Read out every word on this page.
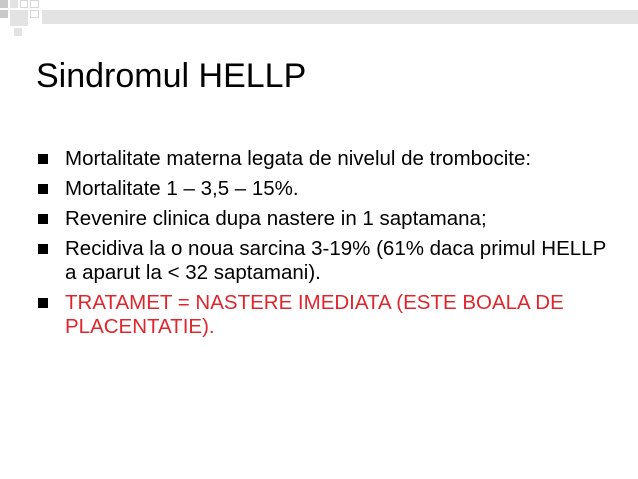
Sindromul HELLP
Mortalitate materna legata de nivelul de trombocite:
Mortalitate 1 – 3,5 – 15%.
Revenire clinica dupa nastere in 1 saptamana;
Recidiva la o noua sarcina 3-19% (61% daca primul HELLP a aparut la < 32 saptamani).
TRATAMET = NASTERE IMEDIATA (ESTE BOALA DE PLACENTATIE).
